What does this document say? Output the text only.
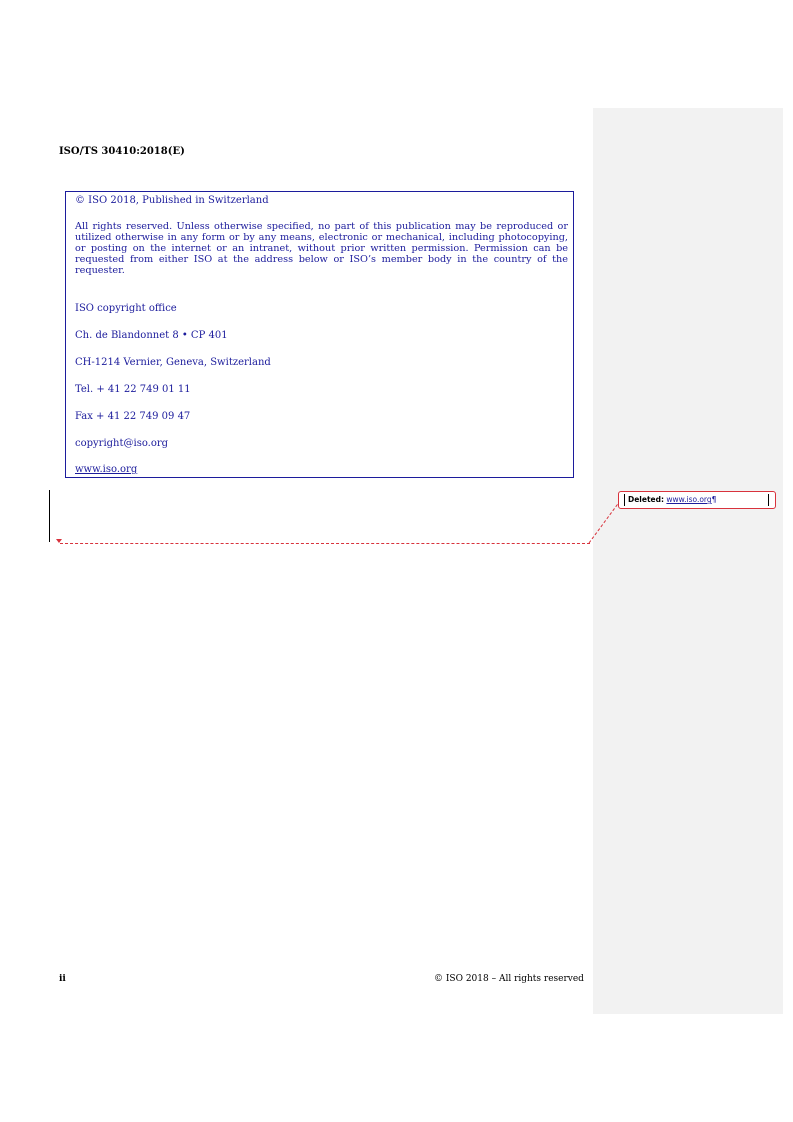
ISO/TS 30410:2018(E)
© ISO 2018, Published in Switzerland
All rights reserved. Unless otherwise specified, no part of this publication may be reproduced or utilized otherwise in any form or by any means, electronic or mechanical, including photocopying, or posting on the internet or an intranet, without prior written permission. Permission can be requested from either ISO at the address below or ISO’s member body in the country of the requester.
ISO copyright office
Ch. de Blandonnet 8 • CP 401
CH-1214 Vernier, Geneva, Switzerland
Tel. + 41 22 749 01 11
Fax + 41 22 749 09 47
copyright@iso.org
www.iso.org
Deleted: www.iso.org¶
ii	© ISO 2018 – All rights reserved
